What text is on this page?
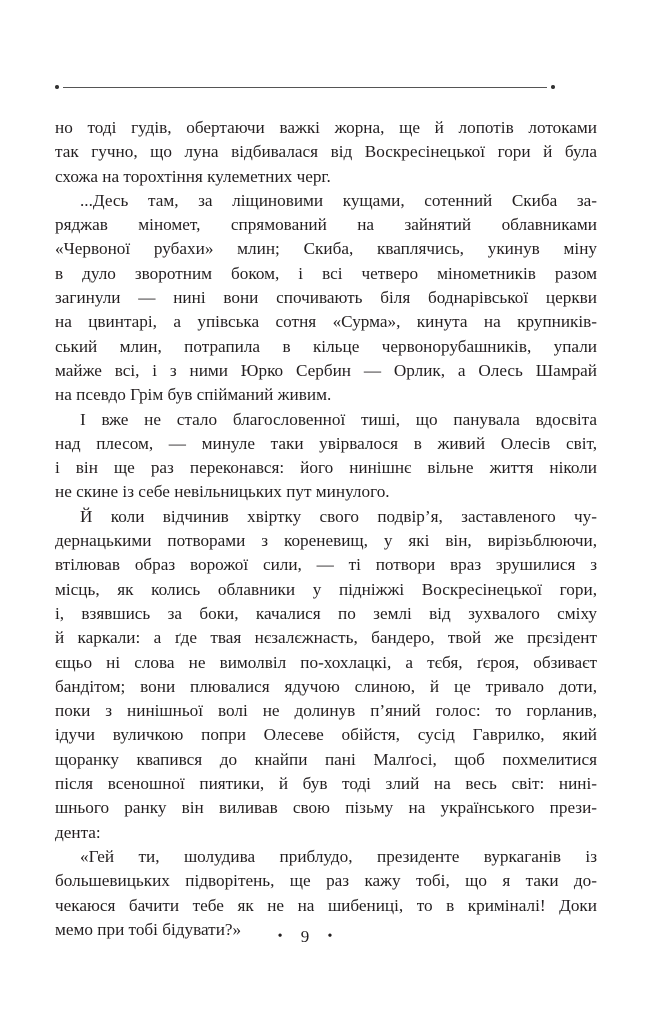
но тоді гудів, обертаючи важкі жорна, ще й лопотів лотоками
так гучно, що луна відбивалася від Воскресінецької гори й була
схожа на торохтіння кулеметних черг.
...Десь там, за ліщиновими кущами, сотенний Скиба за-
ряджав міномет, спрямований на зайнятий облавниками
«Червоної рубахи» млин; Скиба, кваплячись, укинув міну
в дуло зворотним боком, і всі четверо мінометників разом
загинули — нині вони спочивають біля боднарівської церкви
на цвинтарі, а упівська сотня «Сурма», кинута на крупників-
ський млин, потрапила в кільце червонорубашників, упали
майже всі, і з ними Юрко Сербин — Орлик, а Олесь Шамрай
на псевдо Грім був спійманий живим.
І вже не стало благословенної тиші, що панувала вдосвіта
над плесом, — минуле таки увірвалося в живий Олесів світ,
і він ще раз переконався: його нинішнє вільне життя ніколи
не скине із себе невільницьких пут минулого.
Й коли відчинив хвіртку свого подвір’я, заставленого чу-
дернацькими потворами з кореневищ, у які він, вирізьблюючи,
втілював образ ворожої сили, — ті потвори враз зрушилися з
місць, як колись облавники у підніжжі Воскресінецької гори,
і, взявшись за боки, качалися по землі від зухвалого сміху
й каркали: а ґде твая нєзалєжнасть, бандеро, твой же прєзідент
єщьо ні слова не вимолвіл по-хохлацкі, а тєбя, ґєроя, обзиваєт
бандітом; вони плювалися ядучою слиною, й це тривало доти,
поки з нинішньої волі не долинув п’яний голос: то горланив,
ідучи вуличкою попри Олесеве обійстя, сусід Гаврилко, який
щоранку квапився до кнайпи пані Малґосі, щоб похмелитися
після всеношної пиятики, й був тоді злий на весь світ: нині-
шнього ранку він виливав свою пізьму на українського прези-
дента:
«Гей ти, шолудива приблудо, президенте вуркаганів із
большевицьких підворітень, ще раз кажу тобі, що я таки до-
чекаюся бачити тебе як не на шибениці, то в криміналі! Доки
мемо при тобі бідувати?»	• 9 •
